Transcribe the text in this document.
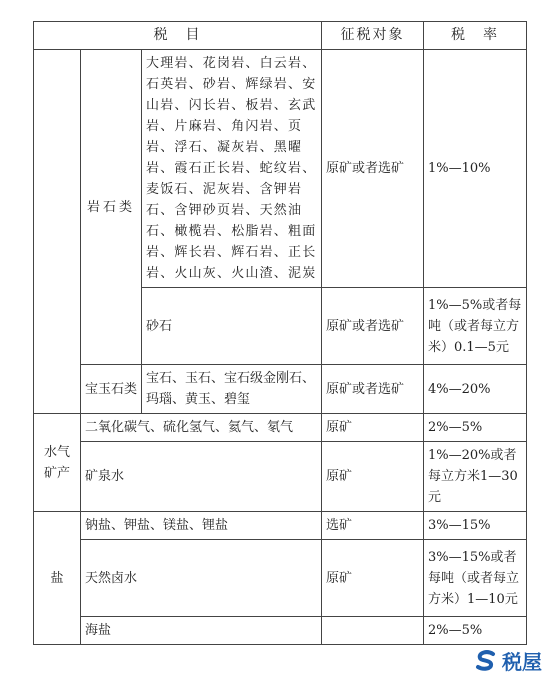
税　目			征税对象	税　率
	岩石类	大理岩、花岗岩、白云岩、石英岩、砂岩、辉绿岩、安山岩、闪长岩、板岩、玄武岩、片麻岩、角闪岩、页岩、浮石、凝灰岩、黑曜岩、霞石正长岩、蛇纹岩、麦饭石、泥灰岩、含钾岩石、含钾砂页岩、天然油石、橄榄岩、松脂岩、粗面岩、辉长岩、辉石岩、正长岩、火山灰、火山渣、泥炭	原矿或者选矿	1%—10%
		砂石	原矿或者选矿	1%—5%或者每吨（或者每立方米）0.1—5元
	宝玉石类	宝石、玉石、宝石级金刚石、玛瑙、黄玉、碧玺	原矿或者选矿	4%—20%
水气矿产	二氧化碳气、硫化氢气、氦气、氡气		原矿	2%—5%
	矿泉水		原矿	1%—20%或者每立方米1—30元
盐	钠盐、钾盐、镁盐、锂盐		选矿	3%—15%
	天然卤水		原矿	3%—15%或者每吨（或者每立方米）1—10元
	海盐			2%—5%
税屋
